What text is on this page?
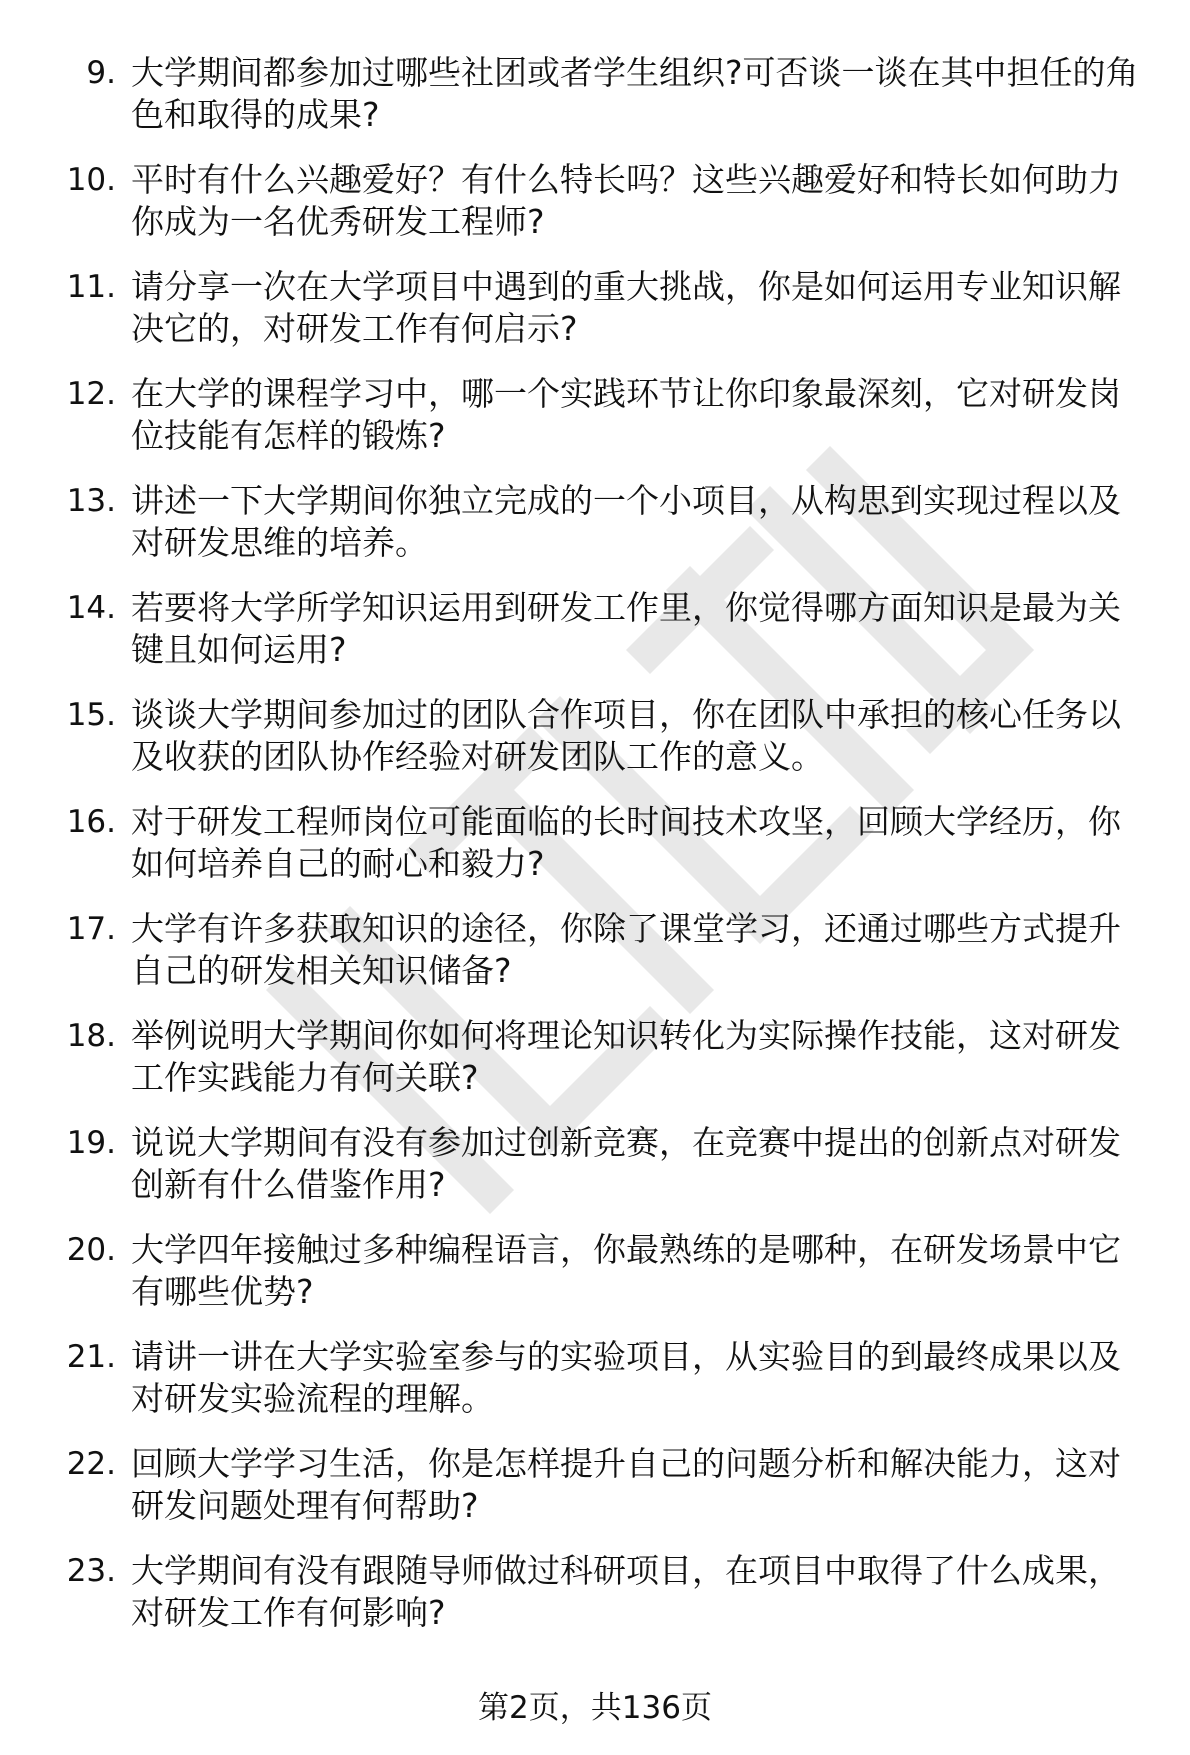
9. 大学期间都参加过哪些社团或者学生组织?可否谈一谈在其中担任的角色和取得的成果?
10. 平时有什么兴趣爱好？有什么特长吗？这些兴趣爱好和特长如何助力你成为一名优秀研发工程师?
11. 请分享一次在大学项目中遇到的重大挑战，你是如何运用专业知识解决它的，对研发工作有何启示?
12. 在大学的课程学习中，哪一个实践环节让你印象最深刻，它对研发岗位技能有怎样的锻炼?
13. 讲述一下大学期间你独立完成的一个小项目，从构思到实现过程以及对研发思维的培养。
14. 若要将大学所学知识运用到研发工作里，你觉得哪方面知识是最为关键且如何运用?
15. 谈谈大学期间参加过的团队合作项目，你在团队中承担的核心任务以及收获的团队协作经验对研发团队工作的意义。
16. 对于研发工程师岗位可能面临的长时间技术攻坚，回顾大学经历，你如何培养自己的耐心和毅力?
17. 大学有许多获取知识的途径，你除了课堂学习，还通过哪些方式提升自己的研发相关知识储备?
18. 举例说明大学期间你如何将理论知识转化为实际操作技能，这对研发工作实践能力有何关联?
19. 说说大学期间有没有参加过创新竞赛，在竞赛中提出的创新点对研发创新有什么借鉴作用?
20. 大学四年接触过多种编程语言，你最熟练的是哪种，在研发场景中它有哪些优势?
21. 请讲一讲在大学实验室参与的实验项目，从实验目的到最终成果以及对研发实验流程的理解。
22. 回顾大学学习生活，你是怎样提升自己的问题分析和解决能力，这对研发问题处理有何帮助?
23. 大学期间有没有跟随导师做过科研项目，在项目中取得了什么成果，对研发工作有何影响?
第2页，共136页
